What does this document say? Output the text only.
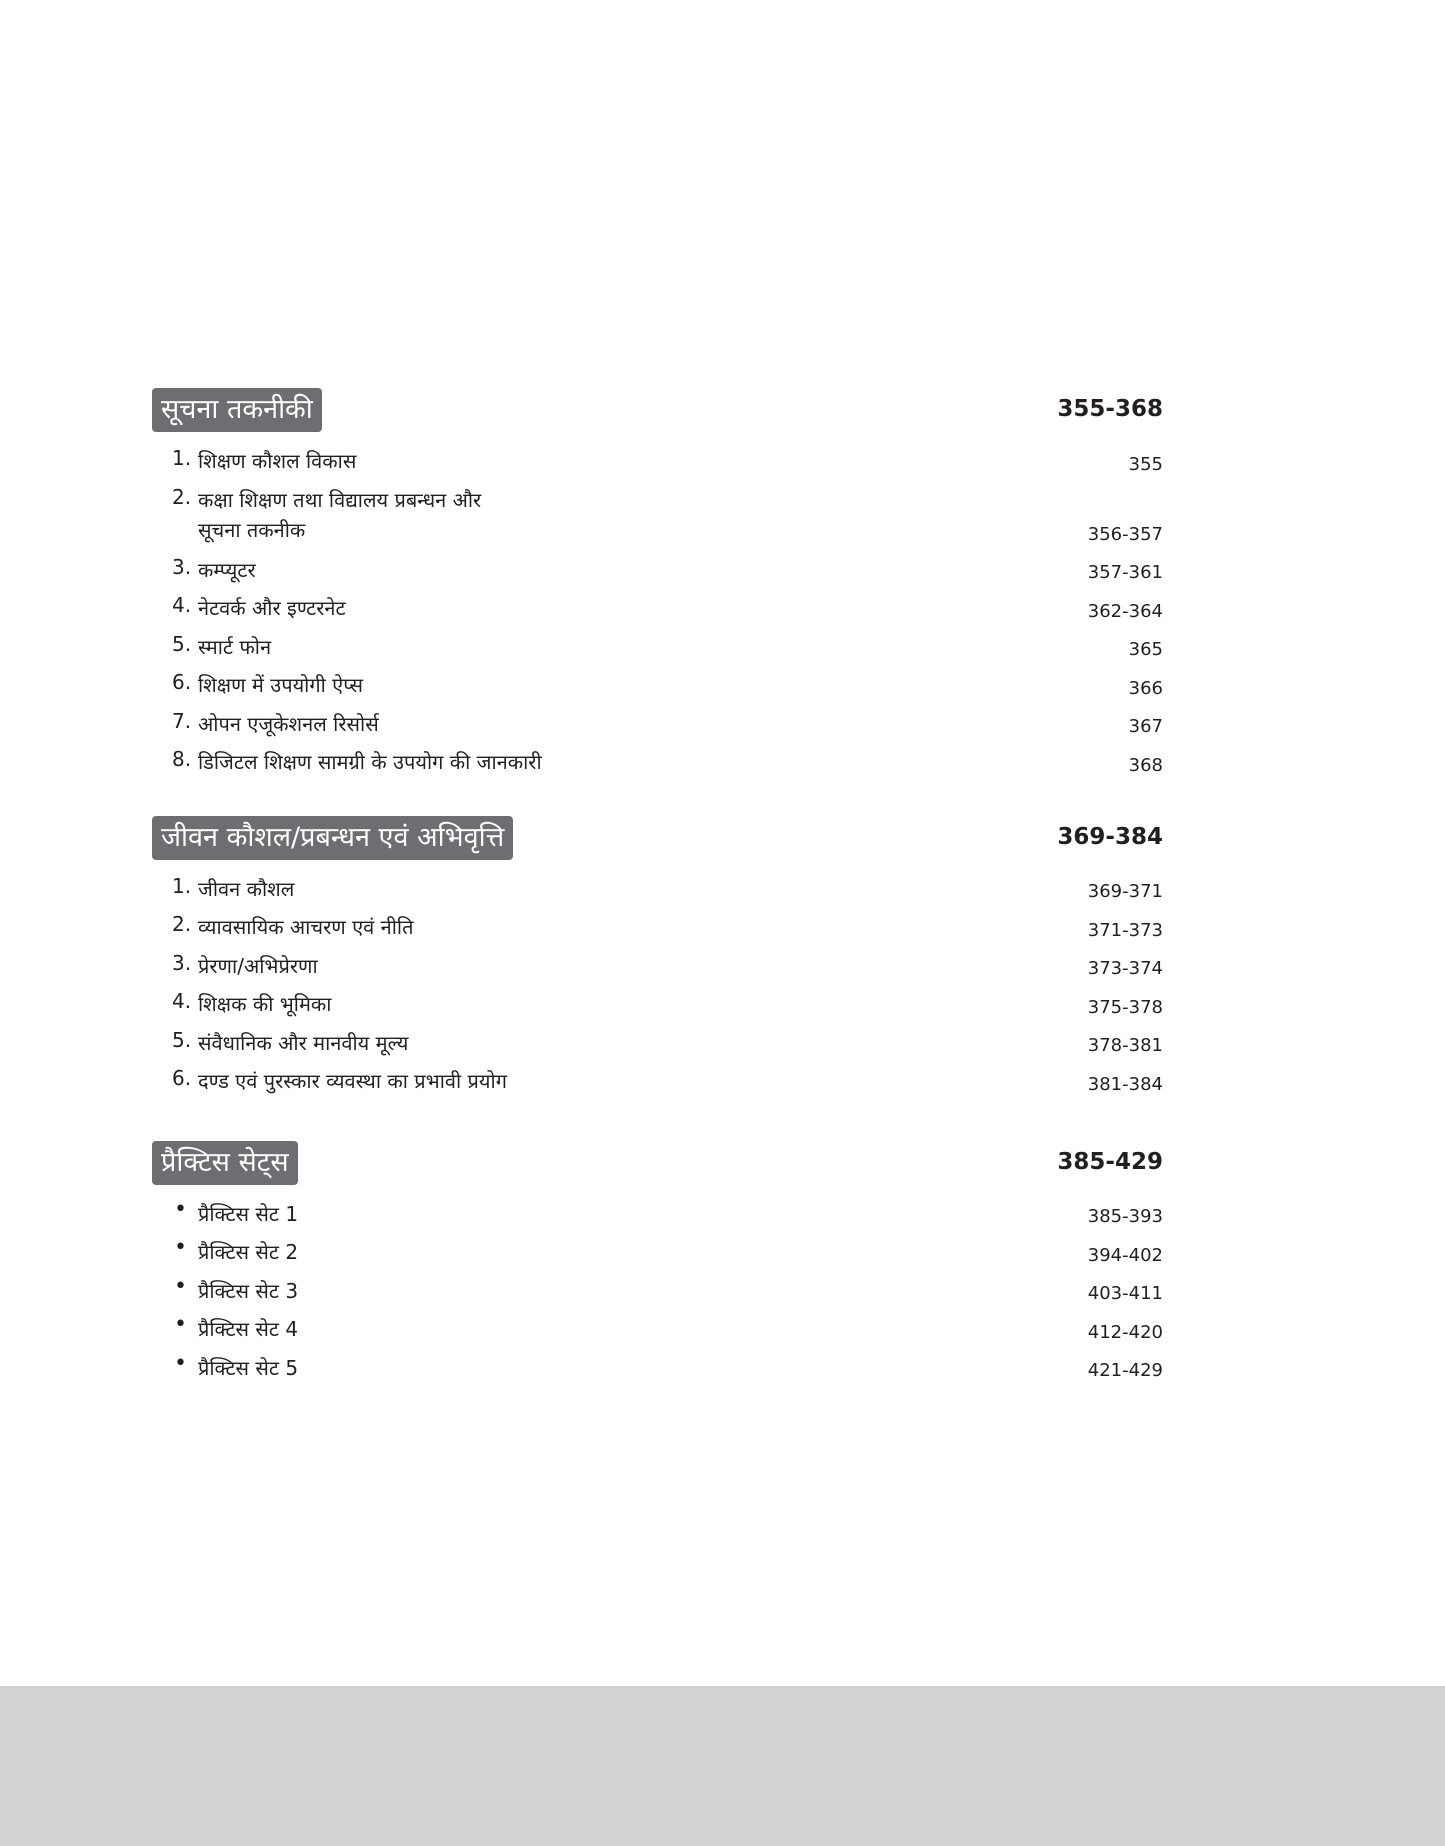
सूचना तकनीकी	355-368
1. शिक्षण कौशल विकास	355
2. कक्षा शिक्षण तथा विद्यालय प्रबन्धन और
सूचना तकनीक	356-357
3. कम्प्यूटर	357-361
4. नेटवर्क और इण्टरनेट	362-364
5. स्मार्ट फोन	365
6. शिक्षण में उपयोगी ऐप्स	366
7. ओपन एजूकेशनल रिसोर्स	367
8. डिजिटल शिक्षण सामग्री के उपयोग की जानकारी	368
जीवन कौशल/प्रबन्धन एवं अभिवृत्ति	369-384
1. जीवन कौशल	369-371
2. व्यावसायिक आचरण एवं नीति	371-373
3. प्रेरणा/अभिप्रेरणा	373-374
4. शिक्षक की भूमिका	375-378
5. संवैधानिक और मानवीय मूल्य	378-381
6. दण्ड एवं पुरस्कार व्यवस्था का प्रभावी प्रयोग	381-384
प्रैक्टिस सेट्स	385-429
• प्रैक्टिस सेट 1	385-393
• प्रैक्टिस सेट 2	394-402
• प्रैक्टिस सेट 3	403-411
• प्रैक्टिस सेट 4	412-420
• प्रैक्टिस सेट 5	421-429
